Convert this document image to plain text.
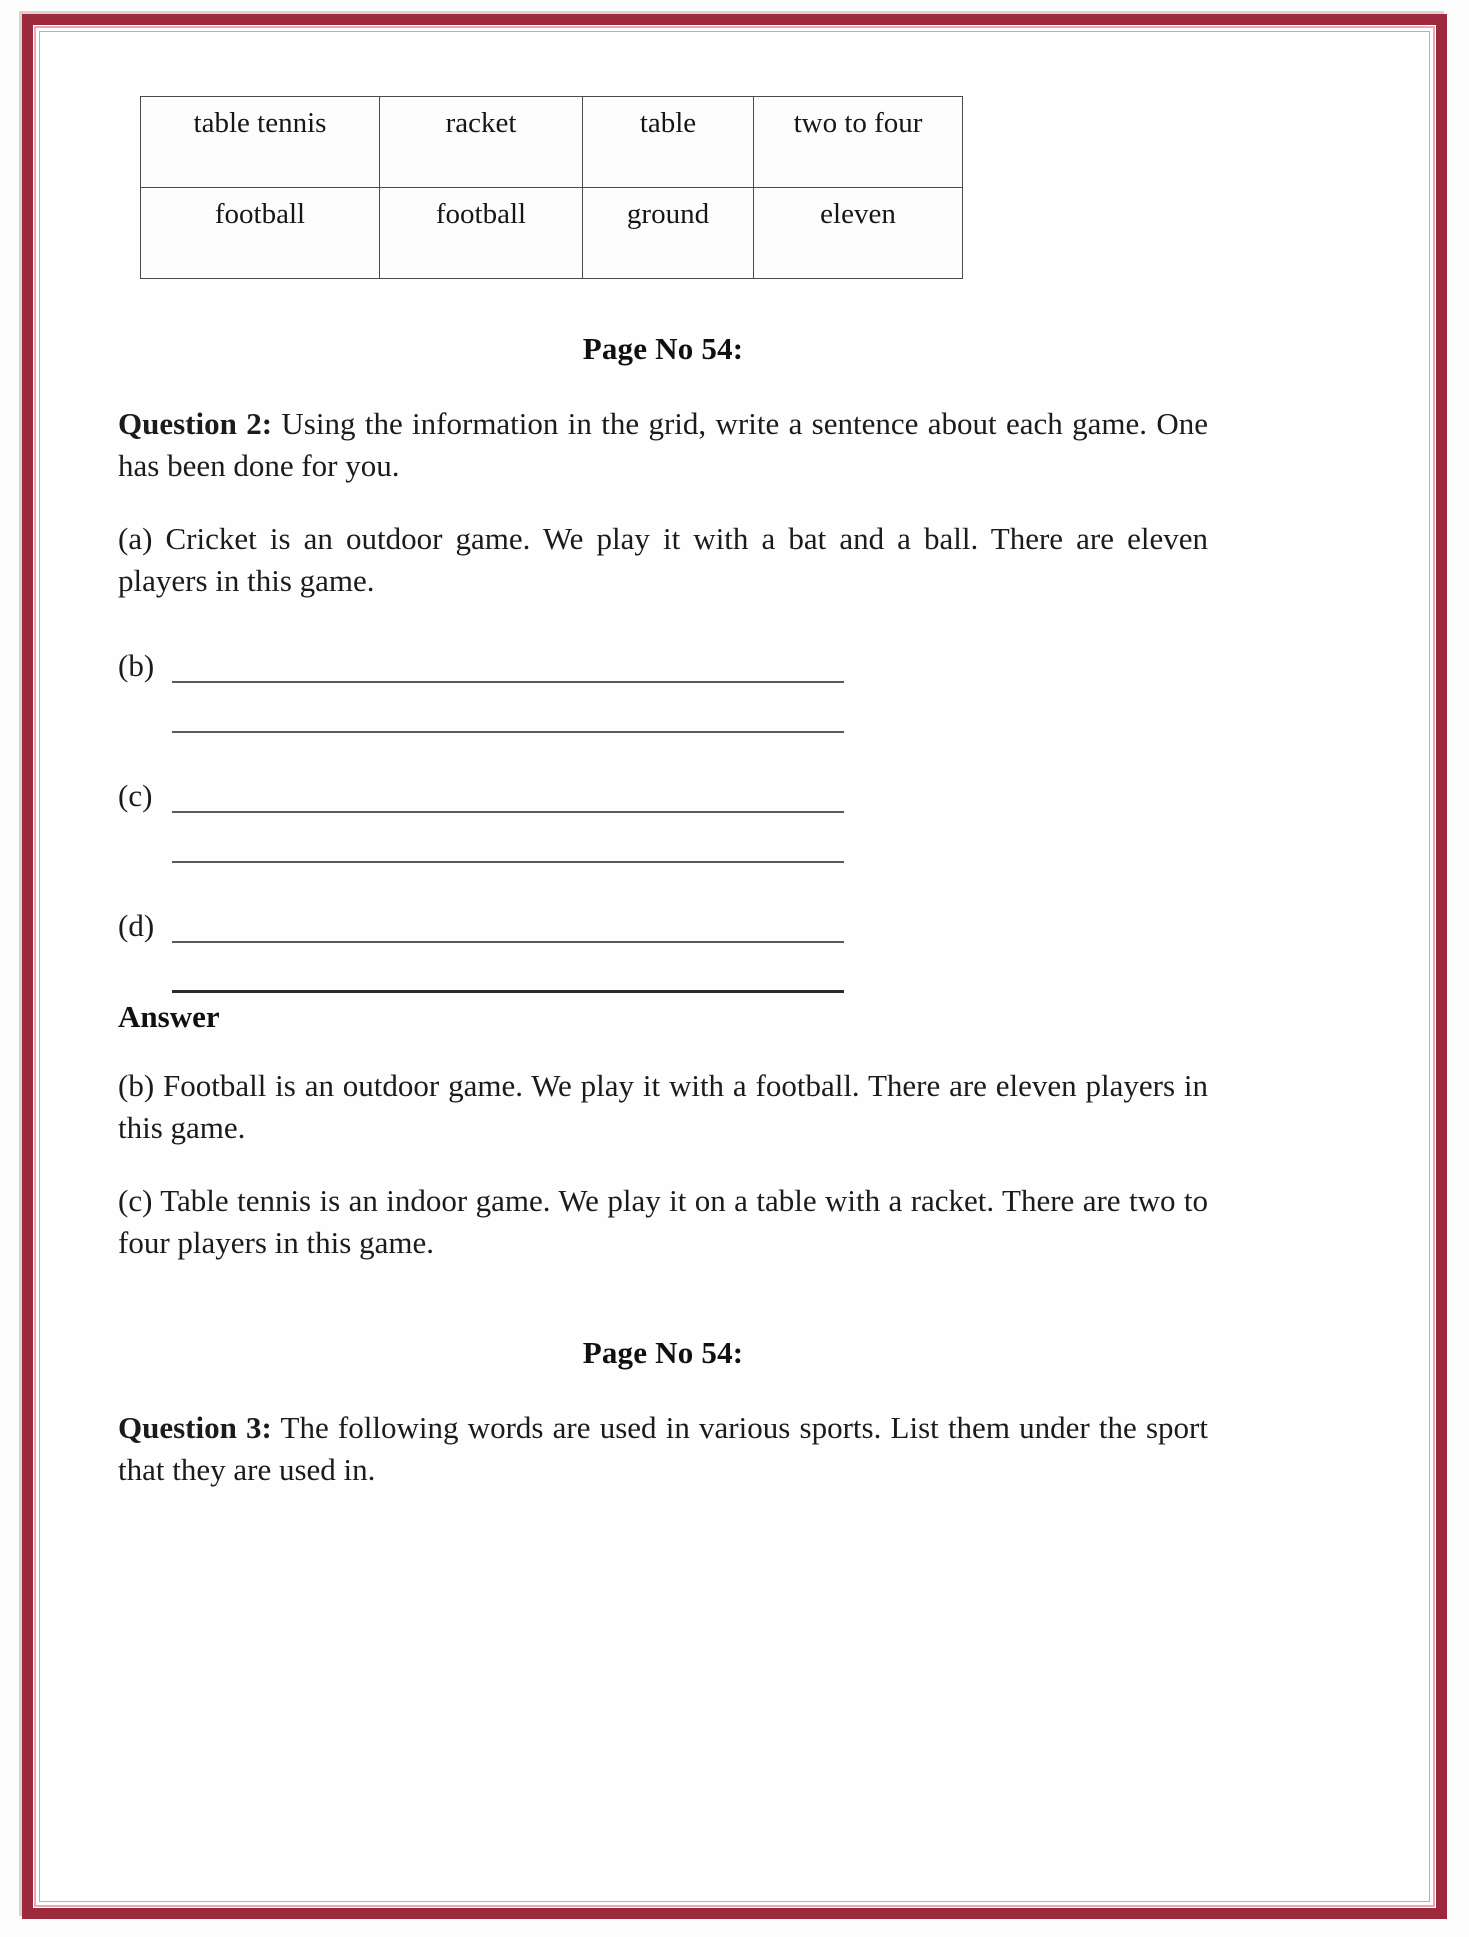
table tennis	racket	table	two to four
football	football	ground	eleven
Page No 54:

Question 2: Using the information in the grid, write a sentence about each game. One has been done for you.

(a) Cricket is an outdoor game. We play it with a bat and a ball. There are eleven players in this game.

(b)
(c)
(d)
Answer

(b) Football is an outdoor game. We play it with a football. There are eleven players in this game.

(c) Table tennis is an indoor game. We play it on a table with a racket. There are two to four players in this game.

Page No 54:

Question 3: The following words are used in various sports. List them under the sport that they are used in.
